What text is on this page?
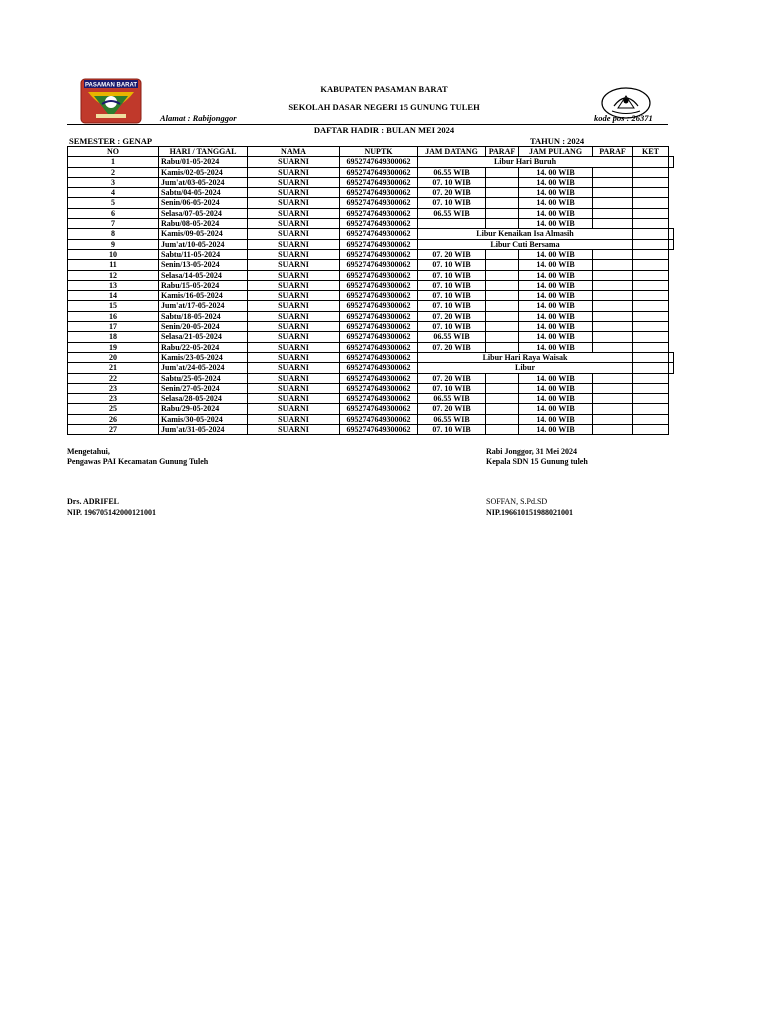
PASAMAN BARAT	KABUPATEN PASAMAN BARAT
SEKOLAH DASAR NEGERI 15 GUNUNG TULEH
Alamat : Rabijonggor	kode pos : 26371
DAFTAR HADIR : BULAN MEI 2024
SEMESTER : GENAP	TAHUN : 2024
NO	HARI / TANGGAL	NAMA	NUPTK	JAM DATANG	PARAF	JAM PULANG	PARAF	KET	
1	Rabu/01-05-2024	SUARNI	6952747649300062	Libur Hari Buruh					
2	Kamis/02-05-2024	SUARNI	6952747649300062	06.55 WIB		14. 00 WIB			
3	Jum'at/03-05-2024	SUARNI	6952747649300062	07. 10 WIB		14. 00 WIB			
4	Sabtu/04-05-2024	SUARNI	6952747649300062	07. 20 WIB		14. 00 WIB			
5	Senin/06-05-2024	SUARNI	6952747649300062	07. 10 WIB		14. 00 WIB			
6	Selasa/07-05-2024	SUARNI	6952747649300062	06.55 WIB		14. 00 WIB			
7	Rabu/08-05-2024	SUARNI	6952747649300062			14. 00 WIB			
8	Kamis/09-05-2024	SUARNI	6952747649300062	Libur Kenaikan Isa Almasih					
9	Jum'at/10-05-2024	SUARNI	6952747649300062	Libur Cuti Bersama					
10	Sabtu/11-05-2024	SUARNI	6952747649300062	07. 20 WIB		14. 00 WIB			
11	Senin/13-05-2024	SUARNI	6952747649300062	07. 10 WIB		14. 00 WIB			
12	Selasa/14-05-2024	SUARNI	6952747649300062	07. 10 WIB		14. 00 WIB			
13	Rabu/15-05-2024	SUARNI	6952747649300062	07. 10 WIB		14. 00 WIB			
14	Kamis/16-05-2024	SUARNI	6952747649300062	07. 10 WIB		14. 00 WIB			
15	Jum'at/17-05-2024	SUARNI	6952747649300062	07. 10 WIB		14. 00 WIB			
16	Sabtu/18-05-2024	SUARNI	6952747649300062	07. 20 WIB		14. 00 WIB			
17	Senin/20-05-2024	SUARNI	6952747649300062	07. 10 WIB		14. 00 WIB			
18	Selasa/21-05-2024	SUARNI	6952747649300062	06.55 WIB		14. 00 WIB			
19	Rabu/22-05-2024	SUARNI	6952747649300062	07. 20 WIB		14. 00 WIB			
20	Kamis/23-05-2024	SUARNI	6952747649300062	Libur Hari Raya Waisak					
21	Jum'at/24-05-2024	SUARNI	6952747649300062	Libur					
22	Sabtu/25-05-2024	SUARNI	6952747649300062	07. 20 WIB		14. 00 WIB			
23	Senin/27-05-2024	SUARNI	6952747649300062	07. 10 WIB		14. 00 WIB			
23	Selasa/28-05-2024	SUARNI	6952747649300062	06.55 WIB		14. 00 WIB			
25	Rabu/29-05-2024	SUARNI	6952747649300062	07. 20 WIB		14. 00 WIB			
26	Kamis/30-05-2024	SUARNI	6952747649300062	06.55 WIB		14. 00 WIB			
27	Jum'at/31-05-2024	SUARNI	6952747649300062	07. 10 WIB		14. 00 WIB			
Mengetahui,
Pengawas PAI Kecamatan Gunung Tuleh
Drs. ADRIFEL
NIP. 196705142000121001
Rabi Jonggor, 31 Mei 2024
Kepala SDN 15 Gunung tuleh
SOFFAN, S.Pd.SD
NIP.196610151988021001
